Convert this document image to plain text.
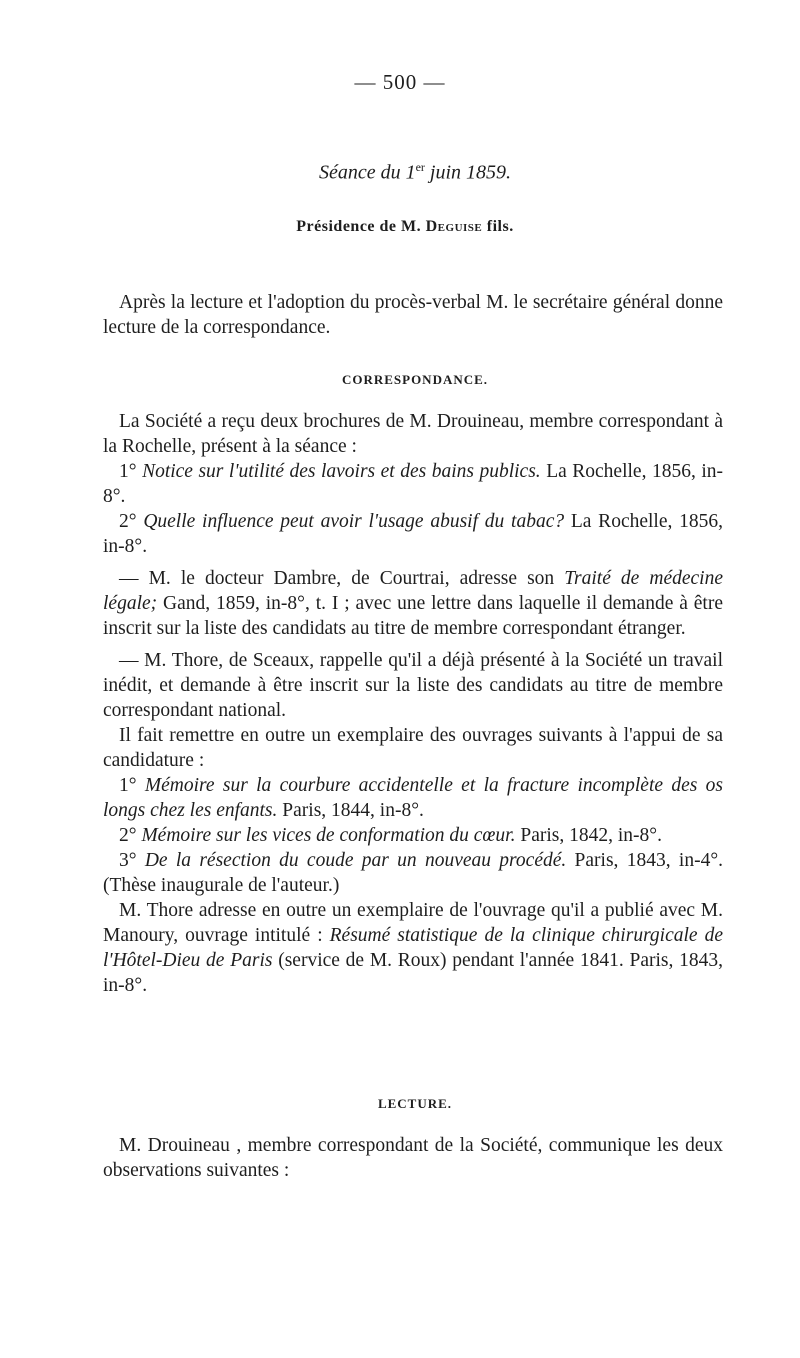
— 500 —
Séance du 1er juin 1859.
Présidence de M. Deguise fils.

Après la lecture et l'adoption du procès-verbal M. le secrétaire général donne lecture de la correspondance.

CORRESPONDANCE.

La Société a reçu deux brochures de M. Drouineau, membre correspondant à la Rochelle, présent à la séance :

1° Notice sur l'utilité des lavoirs et des bains publics. La Rochelle, 1856, in-8°.

2° Quelle influence peut avoir l'usage abusif du tabac? La Rochelle, 1856, in-8°.

— M. le docteur Dambre, de Courtrai, adresse son Traité de médecine légale; Gand, 1859, in-8°, t. I ; avec une lettre dans laquelle il demande à être inscrit sur la liste des candidats au titre de membre correspondant étranger.

— M. Thore, de Sceaux, rappelle qu'il a déjà présenté à la Société un travail inédit, et demande à être inscrit sur la liste des candidats au titre de membre correspondant national.

Il fait remettre en outre un exemplaire des ouvrages suivants à l'appui de sa candidature :

1° Mémoire sur la courbure accidentelle et la fracture incomplète des os longs chez les enfants. Paris, 1844, in-8°.

2° Mémoire sur les vices de conformation du cœur. Paris, 1842, in-8°.

3° De la résection du coude par un nouveau procédé. Paris, 1843, in-4°. (Thèse inaugurale de l'auteur.)

M. Thore adresse en outre un exemplaire de l'ouvrage qu'il a publié avec M. Manoury, ouvrage intitulé : Résumé statistique de la clinique chirurgicale de l'Hôtel-Dieu de Paris (service de M. Roux) pendant l'année 1841. Paris, 1843, in-8°.

LECTURE.

M. Drouineau , membre correspondant de la Société, communique les deux observations suivantes :
